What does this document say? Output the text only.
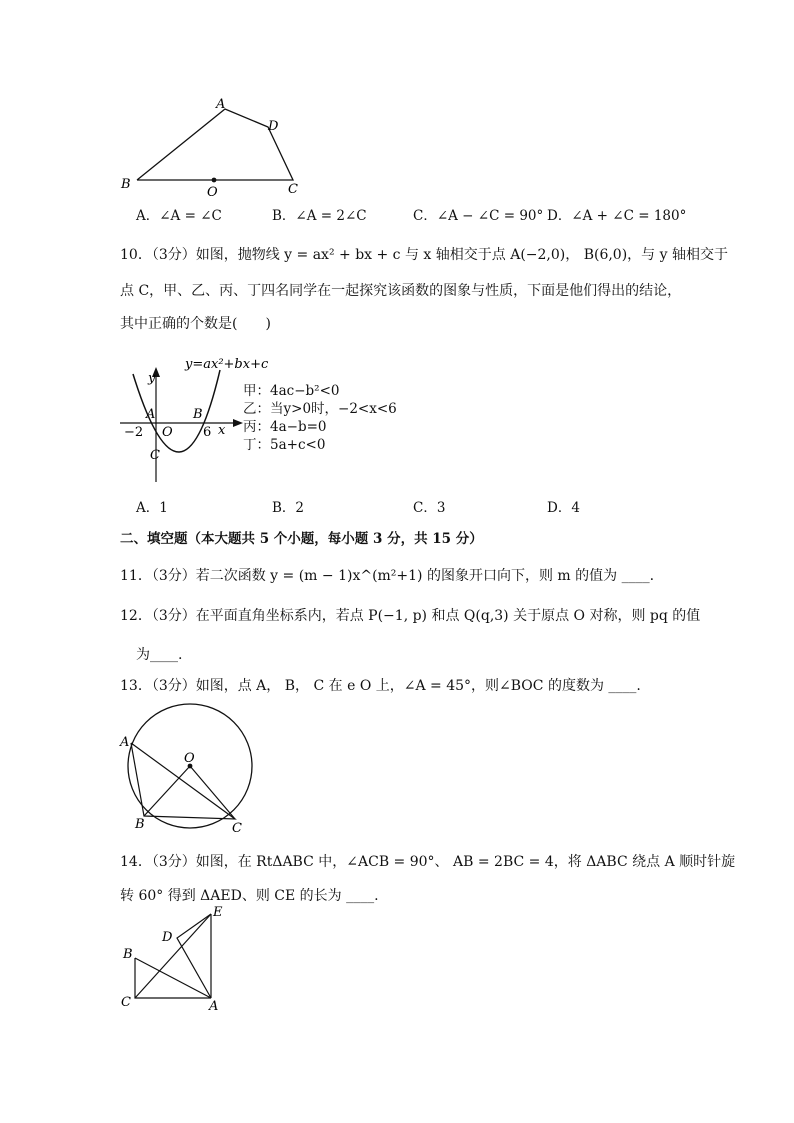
A
B	C
D
O
A．∠A = ∠C	B．∠A = 2∠C	C．∠A − ∠C = 90° D．∠A + ∠C = 180°
10．（3分）如图，抛物线 y = ax² + bx + c 与 x 轴相交于点 A(−2,0)， B(6,0)，与 y 轴相交于
点 C，甲、乙、丙、丁四名同学在一起探究该函数的图象与性质，下面是他们得出的结论，
其中正确的个数是(　　)
y=ax²+bx+c
y
x
A	B
C
O
−2	6
甲：4ac−b²<0
乙：当y>0时，−2<x<6
丙：4a−b=0
丁：5a+c<0
A．1	B．2	C．3	D．4
二、填空题（本大题共 5 个小题，每小题 3 分，共 15 分）
11．（3分）若二次函数 y = (m − 1)x^(m²+1) 的图象开口向下，则 m 的值为 ____.
12．（3分）在平面直角坐标系内，若点 P(−1, p) 和点 Q(q,3) 关于原点 O 对称，则 pq 的值
为____.
13．（3分）如图，点 A， B， C 在 e O 上，∠A = 45°，则∠BOC 的度数为 ____.
A
B	C
O
14．（3分）如图，在 RtΔABC 中，∠ACB = 90°、 AB = 2BC = 4，将 ΔABC 绕点 A 顺时针旋
转 60° 得到 ΔAED、则 CE 的长为 ____.
E
D
B
C	A
